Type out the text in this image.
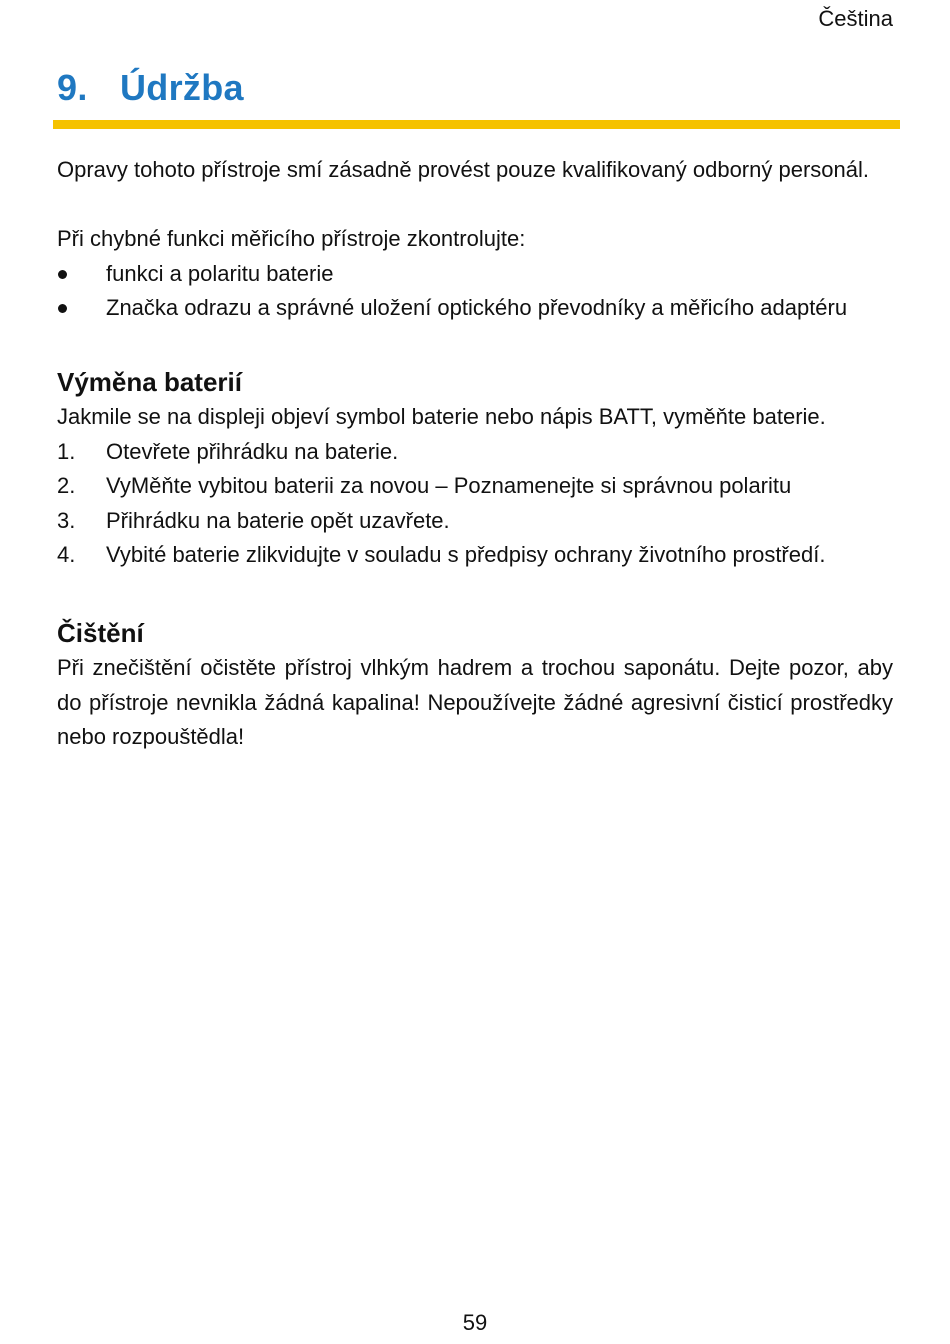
Čeština
9. Údržba

Opravy tohoto přístroje smí zásadně provést pouze kvalifikovaný odborný personál.

Při chybné funkci měřicího přístroje zkontrolujte:

funkci a polaritu baterie
Značka odrazu a správné uložení optického převodníky a měřicího adaptéru
Výměna baterií

Jakmile se na displeji objeví symbol baterie nebo nápis BATT, vyměňte baterie.

1.	Otevřete přihrádku na baterie.
2.	VyMěňte vybitou baterii za novou – Poznamenejte si správnou polaritu
3.	Přihrádku na baterie opět uzavřete.
4.	Vybité baterie zlikvidujte v souladu s předpisy ochrany životního prostředí.
Čištění

Při znečištění očistěte přístroj vlhkým hadrem a trochou saponátu. Dejte pozor, aby do přístroje nevnikla žádná kapalina! Nepoužívejte žádné agresivní čisticí prostředky nebo rozpouštědla!

59
